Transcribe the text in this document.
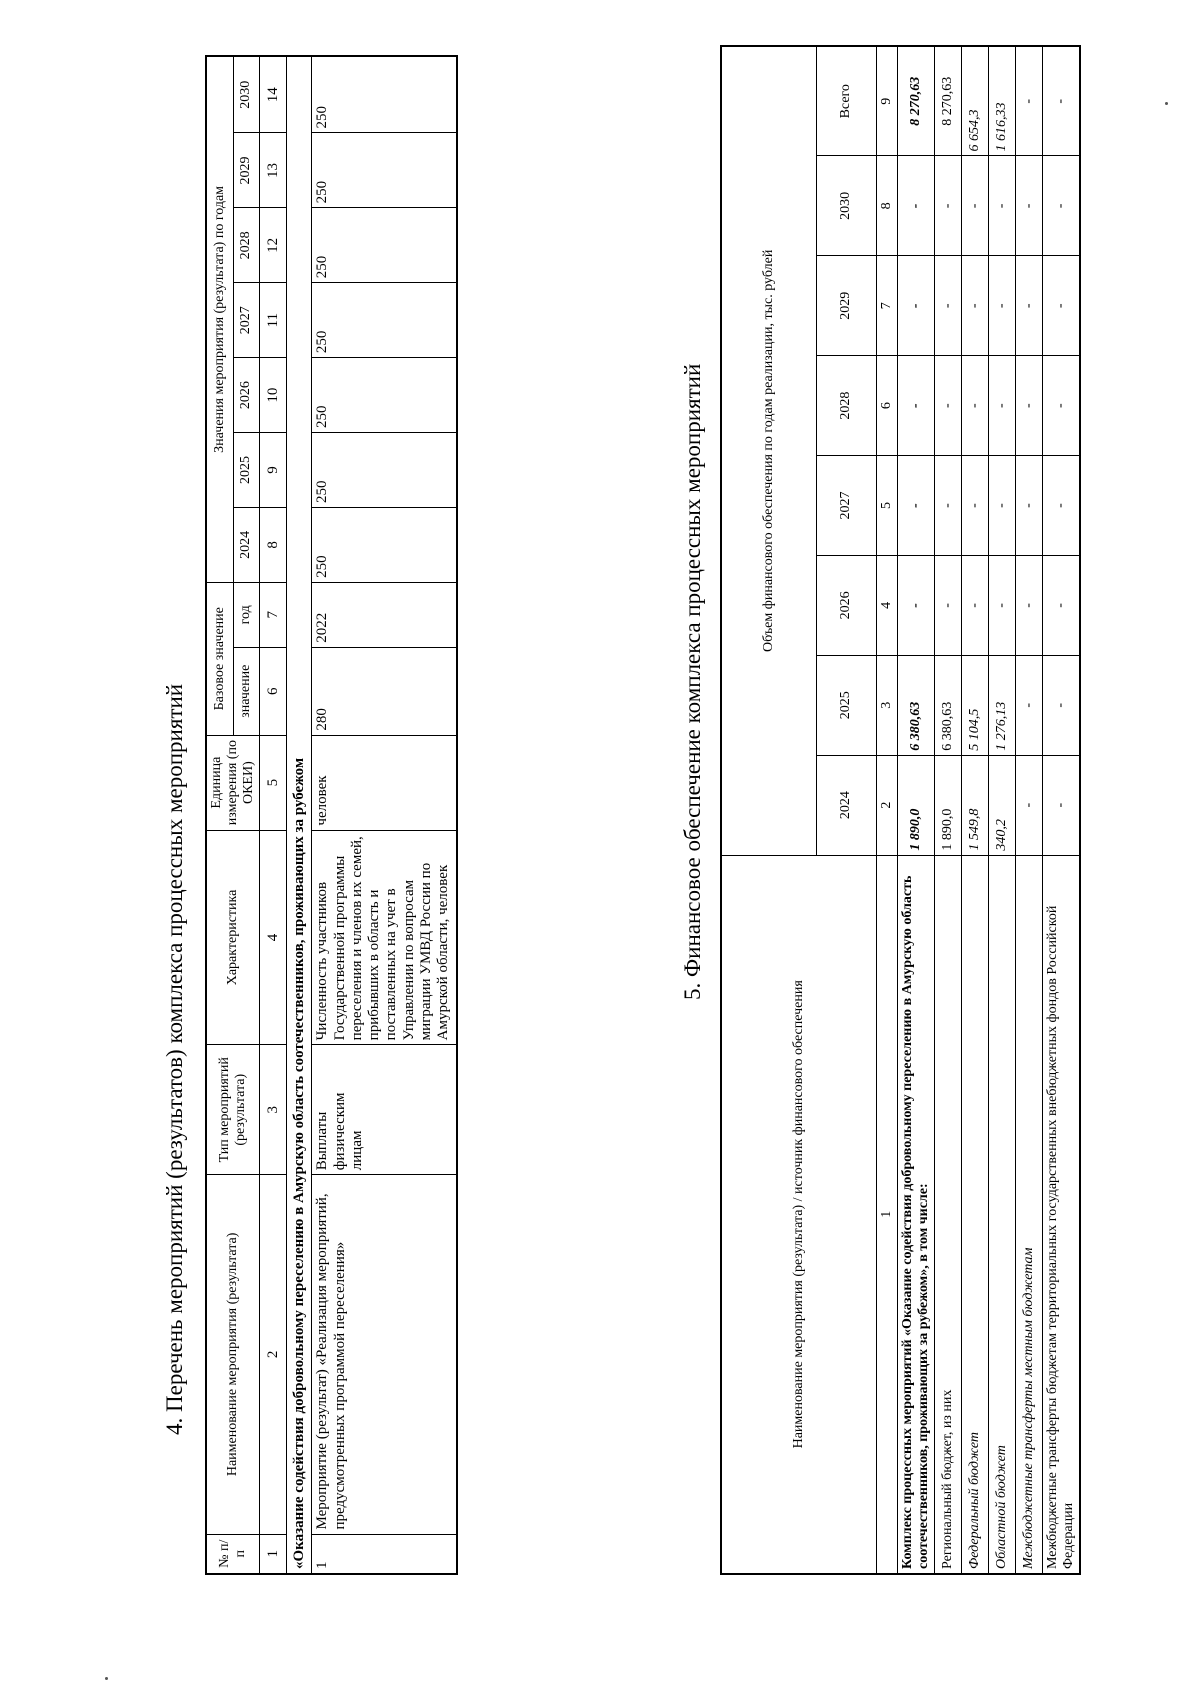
4. Перечень мероприятий (результатов) комплекса процессных мероприятий
№ п/п	Наименование мероприятия (результата)	Тип мероприятий (результата)	Характеристика	Единица измерения (по ОКЕИ)	Базовое значение		Значения мероприятия (результата) по годам						
					значение	год	2024	2025	2026	2027	2028	2029	2030
1	2	3	4	5	6	7	8	9	10	11	12	13	14
«Оказание содействия добровольному переселению в Амурскую область соотечественников, проживающих за рубежом													
1	Мероприятие (результат) «Реализация мероприятий, предусмотренных программой переселения»	Выплаты физическим лицам	Численность участников Государственной программы переселения и членов их семей, прибывших в область и поставленных на учет в Управлении по вопросам миграции УМВД России по Амурской области, человек	человек	280	2022	250	250	250	250	250	250	250
5. Финансовое обеспечение комплекса процессных мероприятий
Наименование мероприятия (результата) / источник финансового обеспечения	Объем финансового обеспечения по годам реализации, тыс. рублей							
	2024	2025	2026	2027	2028	2029	2030	Всего
1	2	3	4	5	6	7	8	9
Комплекс процессных мероприятий «Оказание содействия добровольному переселению в Амурскую область соотечественников, проживающих за рубежом», в том числе:	1 890,0	6 380,63	-	-	-	-	-	8 270,63
Региональный бюджет, из них	1 890,0	6 380,63	-	-	-	-	-	8 270,63
Федеральный бюджет	1 549,8	5 104,5	-	-	-	-	-	6 654,3
Областной бюджет	340,2	1 276,13	-	-	-	-	-	1 616,33
Межбюджетные трансферты местным бюджетам	-	-	-	-	-	-	-	-
Межбюджетные трансферты бюджетам территориальных государственных внебюджетных фондов Российской Федерации	-	-	-	-	-	-	-	-
